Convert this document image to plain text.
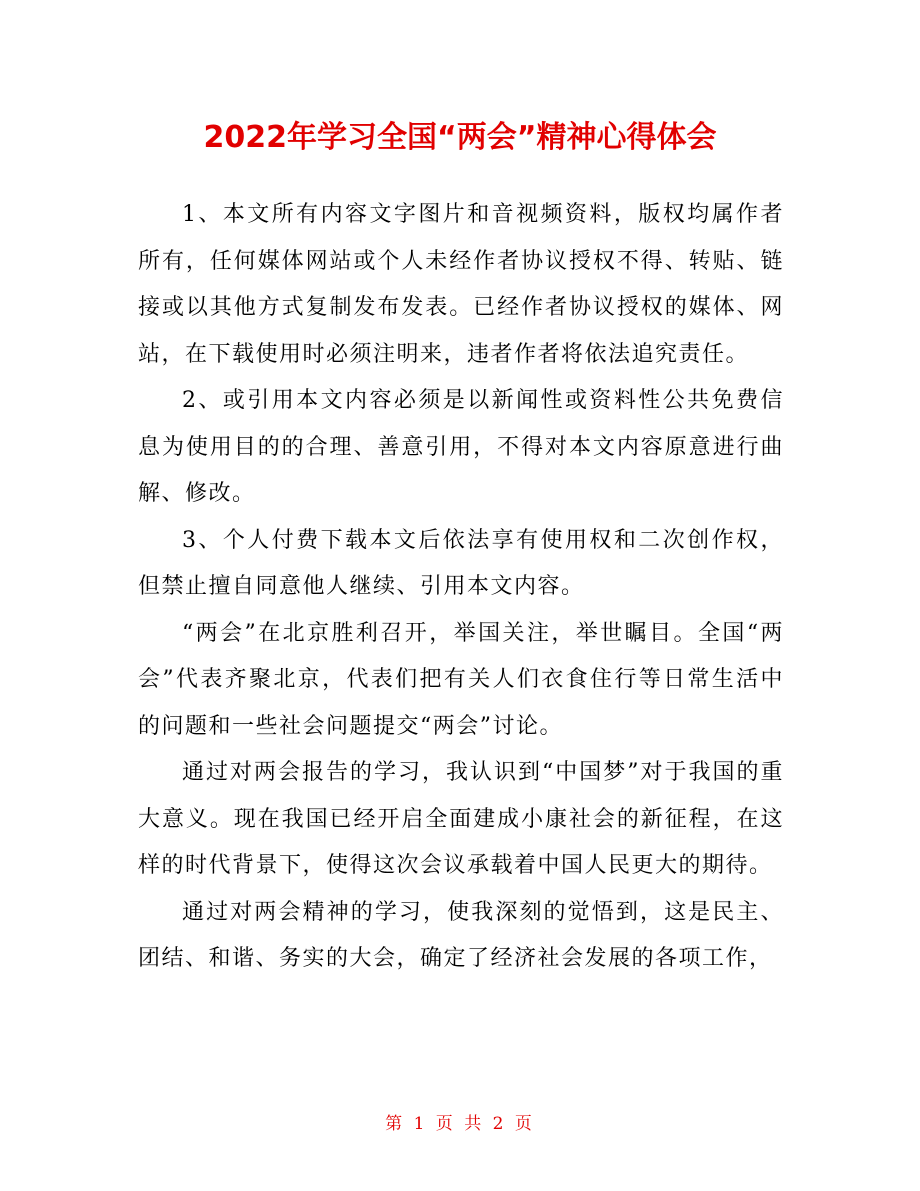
2022年学习全国“两会”精神心得体会

1、本文所有内容文字图片和音视频资料，版权均属作者所有，任何媒体网站或个人未经作者协议授权不得、转贴、链接或以其他方式复制发布发表。已经作者协议授权的媒体、网站，在下载使用时必须注明来，违者作者将依法追究责任。

2、或引用本文内容必须是以新闻性或资料性公共免费信息为使用目的的合理、善意引用，不得对本文内容原意进行曲解、修改。

3、个人付费下载本文后依法享有使用权和二次创作权，但禁止擅自同意他人继续、引用本文内容。

“两会”在北京胜利召开，举国关注，举世瞩目。全国“两会”代表齐聚北京，代表们把有关人们衣食住行等日常生活中的问题和一些社会问题提交“两会”讨论。

通过对两会报告的学习，我认识到“中国梦”对于我国的重大意义。现在我国已经开启全面建成小康社会的新征程，在这样的时代背景下，使得这次会议承载着中国人民更大的期待。

通过对两会精神的学习，使我深刻的觉悟到，这是民主、团结、和谐、务实的大会，确定了经济社会发展的各项工作，

第 1 页 共 2 页
